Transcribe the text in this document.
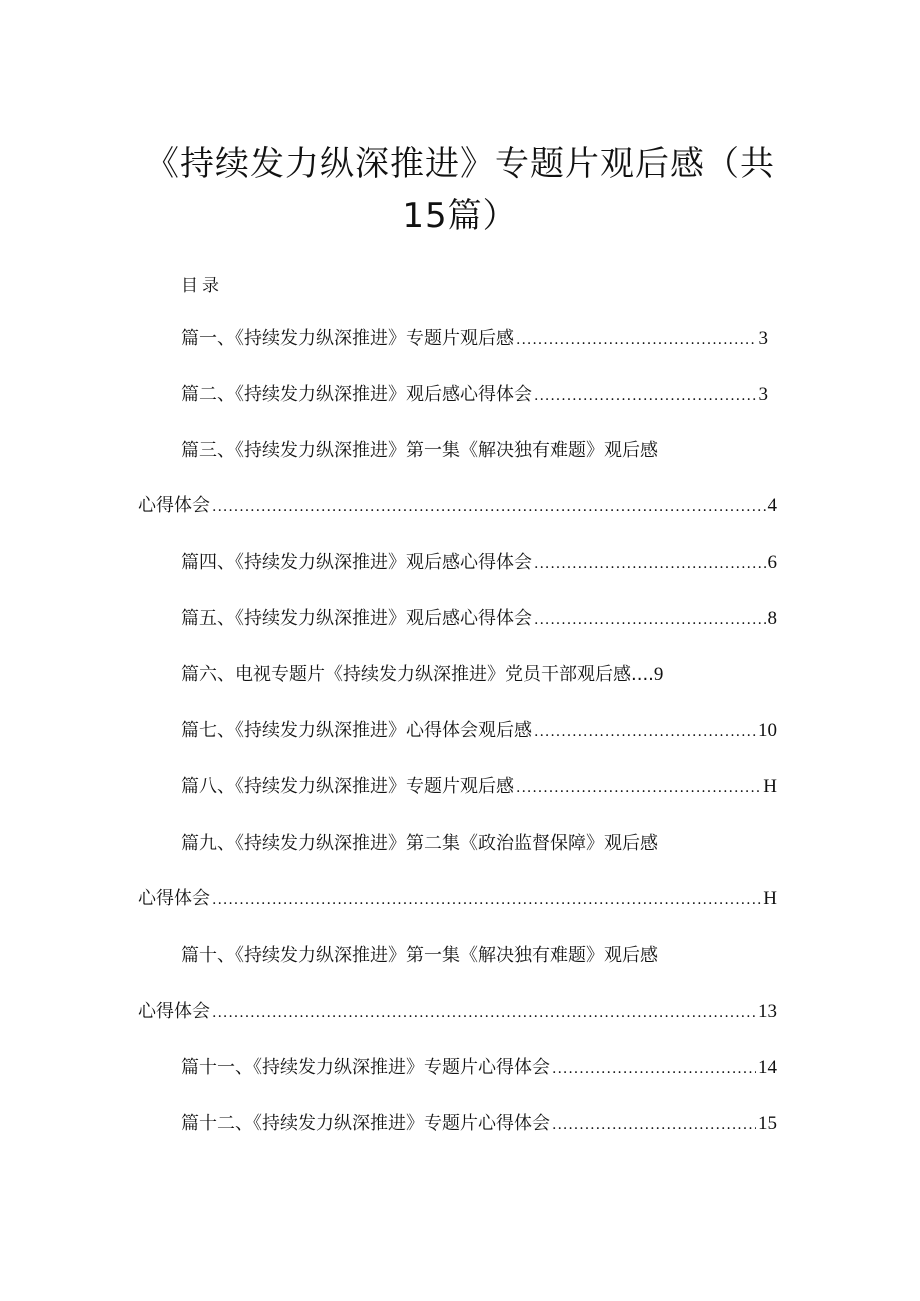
《持续发力纵深推进》专题片观后感（共
15篇）
目录
篇一、《持续发力纵深推进》专题片观后感 .....	3
篇二、《持续发力纵深推进》观后感心得体会 .....	3
篇三、《持续发力纵深推进》第一集《解决独有难题》观后感
心得体会 .....	4
篇四、《持续发力纵深推进》观后感心得体会 .....	6
篇五、《持续发力纵深推进》观后感心得体会 .....	8
篇六、电视专题片《持续发力纵深推进》党员干部观后感....9
篇七、《持续发力纵深推进》心得体会观后感 .....	10
篇八、《持续发力纵深推进》专题片观后感 .....	H
篇九、《持续发力纵深推进》第二集《政治监督保障》观后感
心得体会 .....	H
篇十、《持续发力纵深推进》第一集《解决独有难题》观后感
心得体会 .....	13
篇十一、《持续发力纵深推进》专题片心得体会 .....	14
篇十二、《持续发力纵深推进》专题片心得体会 .....	15
